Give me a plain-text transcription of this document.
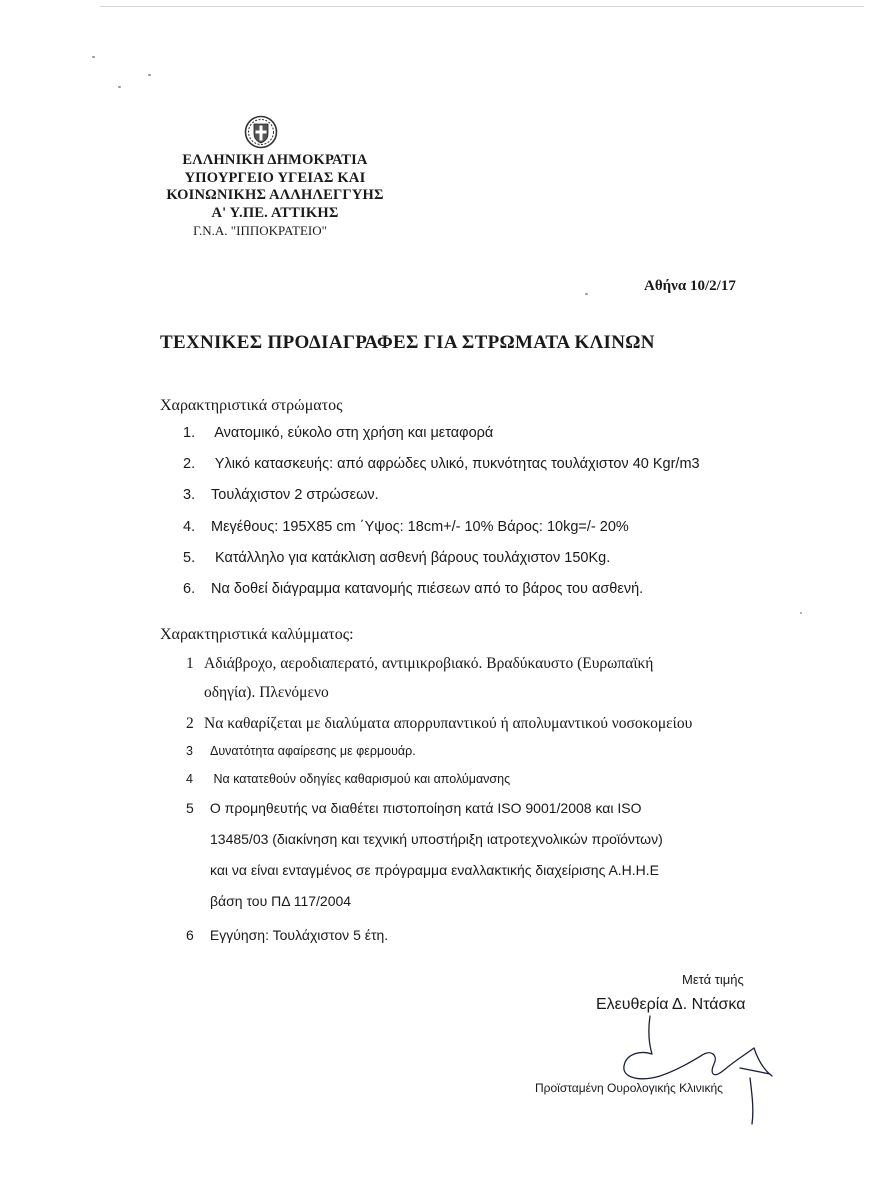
ΕΛΛΗΝΙΚΗ ΔΗΜΟΚΡΑΤΙΑ
ΥΠΟΥΡΓΕΙΟ ΥΓΕΙΑΣ ΚΑΙ
ΚΟΙΝΩΝΙΚΗΣ ΑΛΛΗΛΕΓΓΥΗΣ
Α' Υ.ΠΕ. ΑΤΤΙΚΗΣ
Γ.Ν.Α. "ΙΠΠΟΚΡΑΤΕΙΟ"
Αθήνα 10/2/17
ΤΕΧΝΙΚΕΣ ΠΡΟΔΙΑΓΡΑΦΕΣ ΓΙΑ ΣΤΡΩΜΑΤΑ ΚΛΙΝΩΝ
Χαρακτηριστικά στρώματος
1. Ανατομικό, εύκολο στη χρήση και μεταφορά
2. Υλικό κατασκευής: από αφρώδες υλικό, πυκνότητας τουλάχιστον 40 Kgr/m3
3. Τουλάχιστον 2 στρώσεων.
4. Μεγέθους: 195Χ85 cm ΄Υψος: 18cm+/- 10% Βάρος: 10kg=/- 20%
5. Κατάλληλο για κατάκλιση ασθενή βάρους τουλάχιστον 150Kg.
6. Να δοθεί διάγραμμα κατανομής πιέσεων από το βάρος του ασθενή.
Χαρακτηριστικά καλύμματος:
1 Αδιάβροχο, αεροδιαπερατό, αντιμικροβιακό. Βραδύκαυστο (Ευρωπαϊκή
οδηγία). Πλενόμενο
2 Να καθαρίζεται με διαλύματα απορρυπαντικού ή απολυμαντικού νοσοκομείου
3 Δυνατότητα αφαίρεσης με φερμουάρ.
4 Να κατατεθούν οδηγίες καθαρισμού και απολύμανσης
5 Ο προμηθευτής να διαθέτει πιστοποίηση κατά ISO 9001/2008 και ISO
13485/03 (διακίνηση και τεχνική υποστήριξη ιατροτεχνολικών προϊόντων)
και να είναι ενταγμένος σε πρόγραμμα εναλλακτικής διαχείρισης Α.Η.Η.Ε
βάση του ΠΔ 117/2004
6 Εγγύηση: Τουλάχιστον 5 έτη.
Μετά τιμής
Ελευθερία Δ. Ντάσκα
Προϊσταμένη Ουρολογικής Κλινικής
